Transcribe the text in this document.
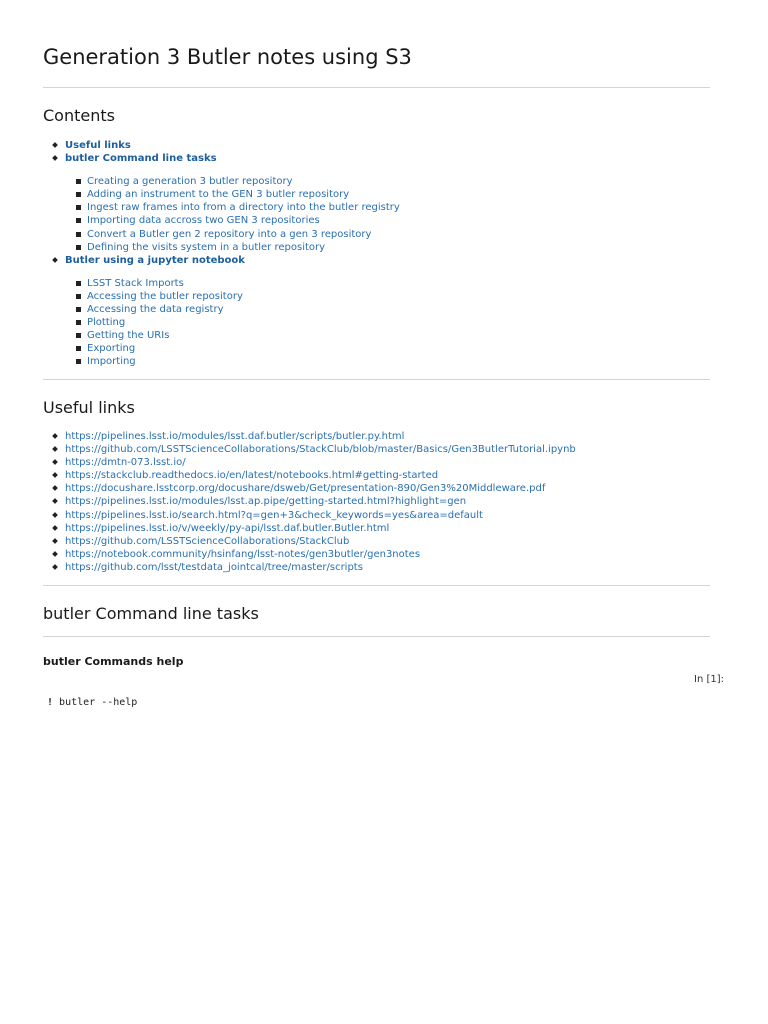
Generation 3 Butler notes using S3
Contents
Useful links
butler Command line tasks
Creating a generation 3 butler repository
Adding an instrument to the GEN 3 butler repository
Ingest raw frames into from a directory into the butler registry
Importing data accross two GEN 3 repositories
Convert a Butler gen 2 repository into a gen 3 repository
Defining the visits system in a butler repository
Butler using a jupyter notebook
LSST Stack Imports
Accessing the butler repository
Accessing the data registry
Plotting
Getting the URIs
Exporting
Importing
Useful links
https://pipelines.lsst.io/modules/lsst.daf.butler/scripts/butler.py.html
https://github.com/LSSTScienceCollaborations/StackClub/blob/master/Basics/Gen3ButlerTutorial.ipynb
https://dmtn-073.lsst.io/
https://stackclub.readthedocs.io/en/latest/notebooks.html#getting-started
https://docushare.lsstcorp.org/docushare/dsweb/Get/presentation-890/Gen3%20Middleware.pdf
https://pipelines.lsst.io/modules/lsst.ap.pipe/getting-started.html?highlight=gen
https://pipelines.lsst.io/search.html?q=gen+3&check_keywords=yes&area=default
https://pipelines.lsst.io/v/weekly/py-api/lsst.daf.butler.Butler.html
https://github.com/LSSTScienceCollaborations/StackClub
https://notebook.community/hsinfang/lsst-notes/gen3butler/gen3notes
https://github.com/lsst/testdata_jointcal/tree/master/scripts
butler Command line tasks
butler Commands help
In [1]:
! butler --help
